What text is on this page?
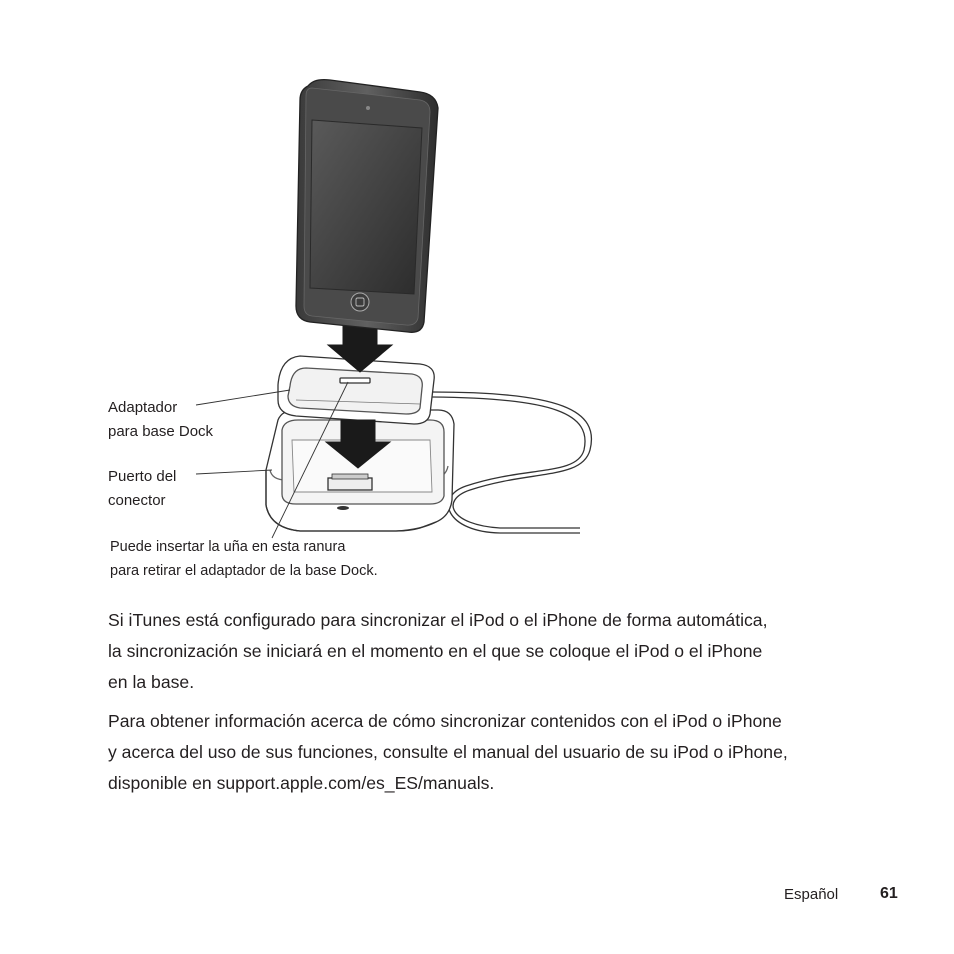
Adaptador
para base Dock
Puerto del
conector
Puede insertar la uña en esta ranura
para retirar el adaptador de la base Dock.

Si iTunes está configurado para sincronizar el iPod o el iPhone de forma automática,
la sincronización se iniciará en el momento en el que se coloque el iPod o el iPhone
en la base.

Para obtener información acerca de cómo sincronizar contenidos con el iPod o iPhone
y acerca del uso de sus funciones, consulte el manual del usuario de su iPod o iPhone,
disponible en support.apple.com/es_ES/manuals.

Español	61
